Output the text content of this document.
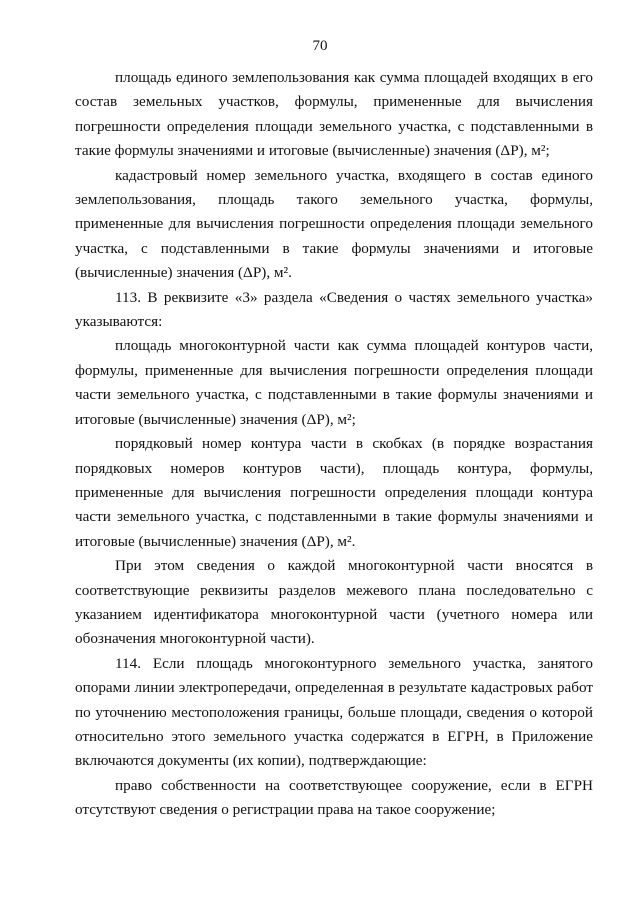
70

площадь единого землепользования как сумма площадей входящих в его состав земельных участков, формулы, примененные для вычисления погрешности определения площади земельного участка, с подставленными в такие формулы значениями и итоговые (вычисленные) значения (ΔР), м²;

кадастровый номер земельного участка, входящего в состав единого землепользования, площадь такого земельного участка, формулы, примененные для вычисления погрешности определения площади земельного участка, с подставленными в такие формулы значениями и итоговые (вычисленные) значения (ΔР), м².

113. В реквизите «3» раздела «Сведения о частях земельного участка» указываются:

площадь многоконтурной части как сумма площадей контуров части, формулы, примененные для вычисления погрешности определения площади части земельного участка, с подставленными в такие формулы значениями и итоговые (вычисленные) значения (ΔР), м²;

порядковый номер контура части в скобках (в порядке возрастания порядковых номеров контуров части), площадь контура, формулы, примененные для вычисления погрешности определения площади контура части земельного участка, с подставленными в такие формулы значениями и итоговые (вычисленные) значения (ΔР), м².

При этом сведения о каждой многоконтурной части вносятся в соответствующие реквизиты разделов межевого плана последовательно с указанием идентификатора многоконтурной части (учетного номера или обозначения многоконтурной части).

114. Если площадь многоконтурного земельного участка, занятого опорами линии электропередачи, определенная в результате кадастровых работ по уточнению местоположения границы, больше площади, сведения о которой относительно этого земельного участка содержатся в ЕГРН, в Приложение включаются документы (их копии), подтверждающие:

право собственности на соответствующее сооружение, если в ЕГРН отсутствуют сведения о регистрации права на такое сооружение;
